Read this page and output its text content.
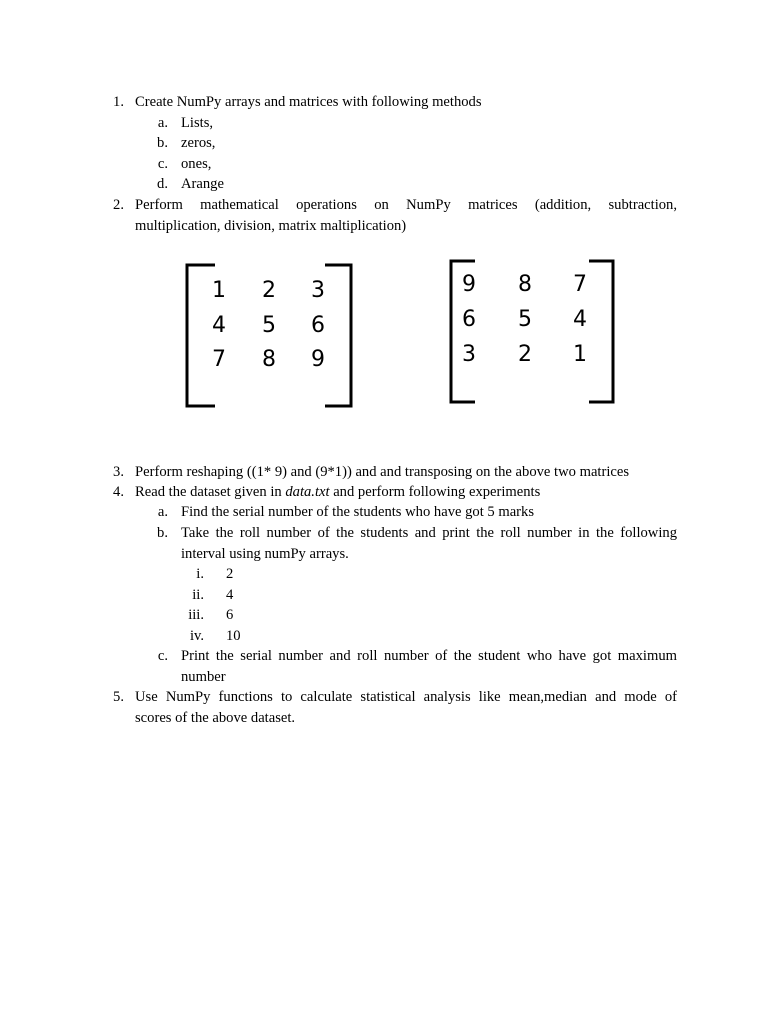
1. Create NumPy arrays and matrices with following methods
a. Lists,
b. zeros,
c. ones,
d. Arange
2. Perform mathematical operations on NumPy matrices (addition, subtraction,
multiplication, division, matrix maltiplication)
1	2	3
4	5	6
7	8	9
9	8	7
6	5	4
3	2	1
3. Perform reshaping ((1* 9) and (9*1)) and and transposing on the above two matrices
4. Read the dataset given in data.txt and perform following experiments
a. Find the serial number of the students who have got 5 marks
b. Take the roll number of the students and print the roll number in the following
interval using numPy arrays.
i. 2
ii. 4
iii. 6
iv. 10
c. Print the serial number and roll number of the student who have got maximum
number
5. Use NumPy functions to calculate statistical analysis like mean,median and mode of
scores of the above dataset.
